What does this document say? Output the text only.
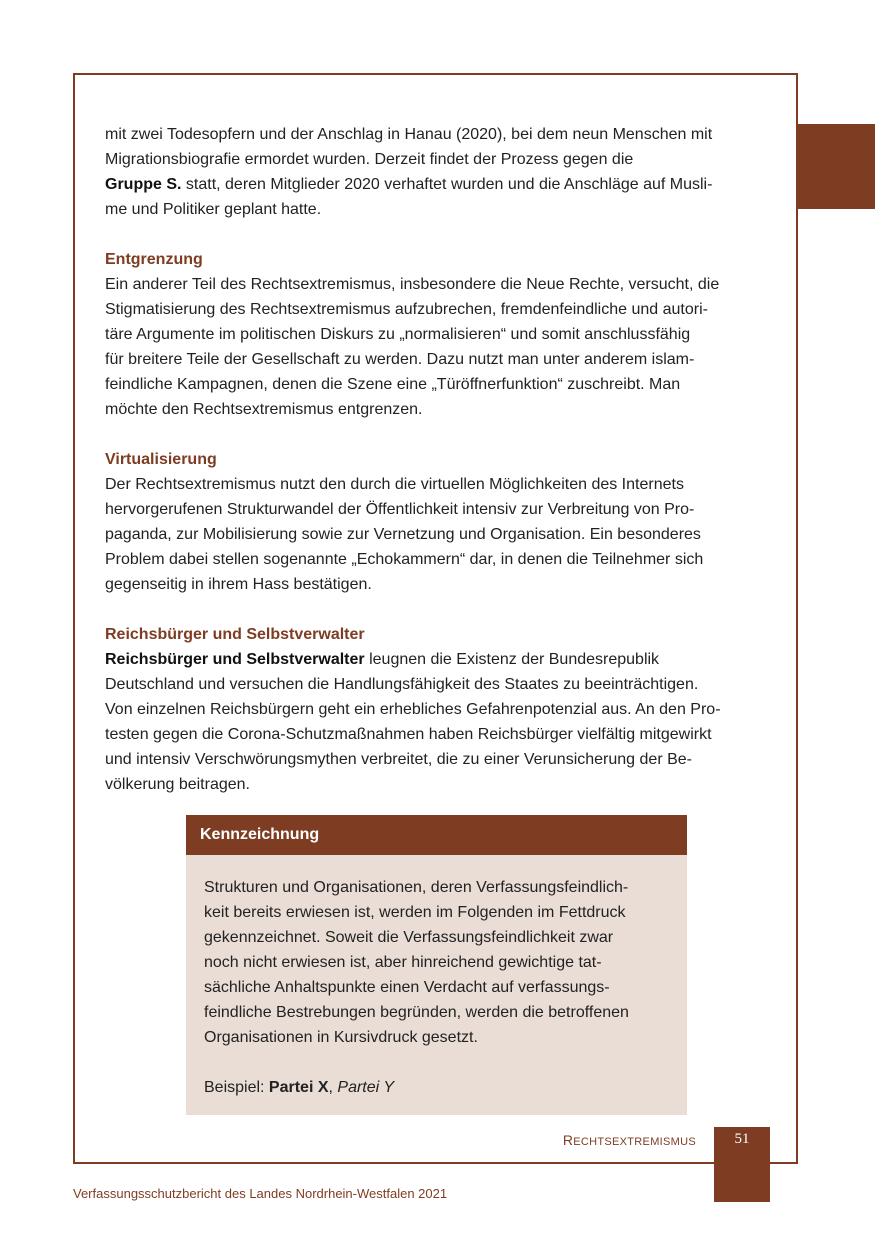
mit zwei Todesopfern und der Anschlag in Hanau (2020), bei dem neun Menschen mit
Migrationsbiografie ermordet wurden. Derzeit findet der Prozess gegen die
Gruppe S. statt, deren Mitglieder 2020 verhaftet wurden und die Anschläge auf Musli-
me und Politiker geplant hatte.

Entgrenzung

Ein anderer Teil des Rechtsextremismus, insbesondere die Neue Rechte, versucht, die
Stigmatisierung des Rechtsextremismus aufzubrechen, fremdenfeindliche und autori-
täre Argumente im politischen Diskurs zu „normalisieren“ und somit anschlussfähig
für breitere Teile der Gesellschaft zu werden. Dazu nutzt man unter anderem islam-
feindliche Kampagnen, denen die Szene eine „Türöffnerfunktion“ zuschreibt. Man
möchte den Rechtsextremismus entgrenzen.

Virtualisierung

Der Rechtsextremismus nutzt den durch die virtuellen Möglichkeiten des Internets
hervorgerufenen Strukturwandel der Öffentlichkeit intensiv zur Verbreitung von Pro-
paganda, zur Mobilisierung sowie zur Vernetzung und Organisation. Ein besonderes
Problem dabei stellen sogenannte „Echokammern“ dar, in denen die Teilnehmer sich
gegenseitig in ihrem Hass bestätigen.

Reichsbürger und Selbstverwalter

Reichsbürger und Selbstverwalter leugnen die Existenz der Bundesrepublik
Deutschland und versuchen die Handlungsfähigkeit des Staates zu beeinträchtigen.
Von einzelnen Reichsbürgern geht ein erhebliches Gefahrenpotenzial aus. An den Pro-
testen gegen die Corona-Schutzmaßnahmen haben Reichsbürger vielfältig mitgewirkt
und intensiv Verschwörungsmythen verbreitet, die zu einer Verunsicherung der Be-
völkerung beitragen.

Kennzeichnung
Strukturen und Organisationen, deren Verfassungsfeindlich-
keit bereits erwiesen ist, werden im Folgenden im Fettdruck
gekennzeichnet. Soweit die Verfassungsfeindlichkeit zwar
noch nicht erwiesen ist, aber hinreichend gewichtige tat-
sächliche Anhaltspunkte einen Verdacht auf verfassungs-
feindliche Bestrebungen begründen, werden die betroffenen
Organisationen in Kursivdruck gesetzt.
Beispiel: Partei X, Partei Y
RECHTSEXTREMISMUS	51
Verfassungsschutzbericht des Landes Nordrhein-Westfalen 2021
